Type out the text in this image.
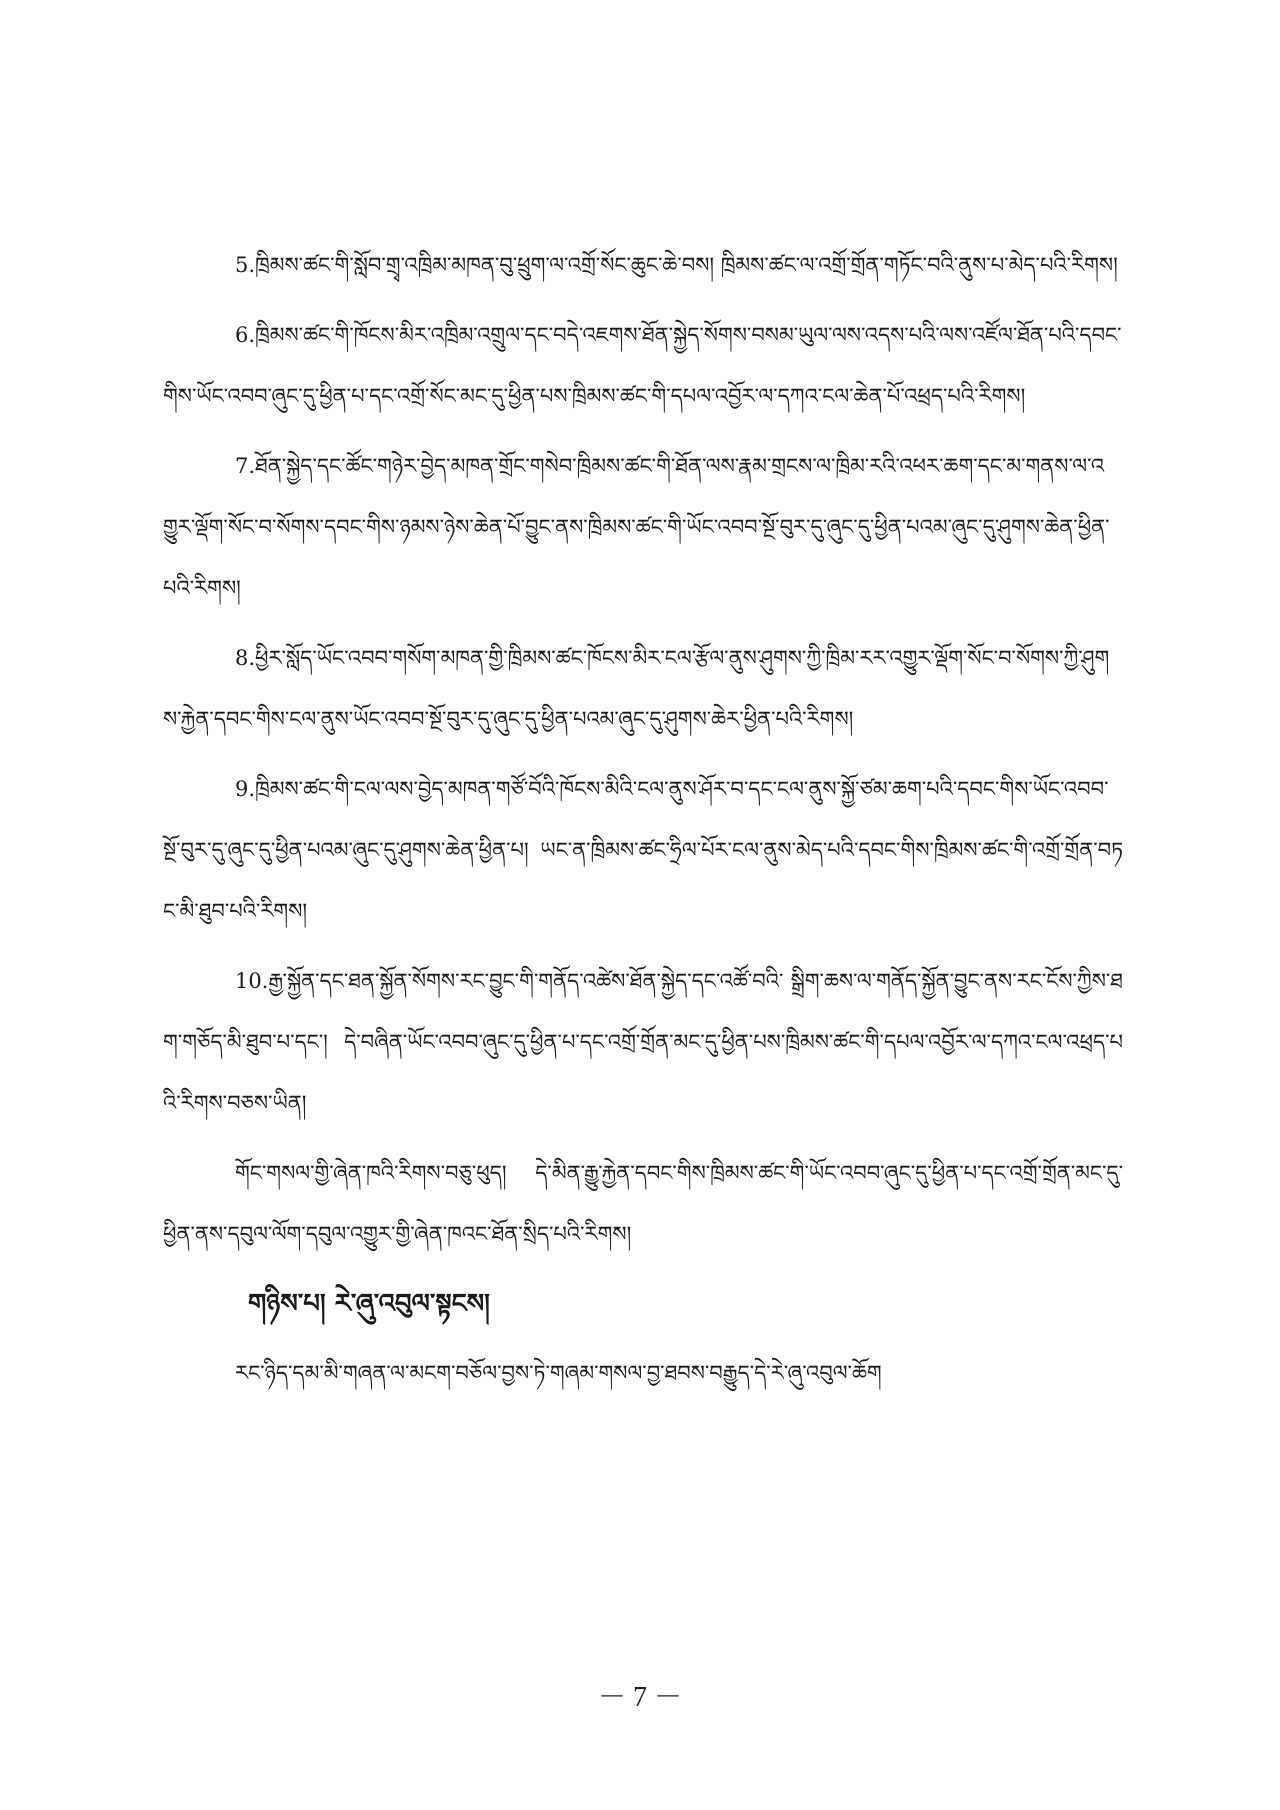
5.ཁྲིམས་ཚང་གི་སློབ་གྲྭ་འཁྲིམ་མཁན་བུ་ཕྲུག་ལ་འགྲོ་སོང་ཆུང་ཆེ་བས། ཁྲིམས་ཚང་ལ་འགྲོ་གྲོན་གཏོང་བའི་ནུས་པ་མེད་པའི་རིགས།

6.ཁྲིམས་ཚང་གི་ཁོངས་མིར་འཁྲིམ་འགྲུལ་དང་བདེ་འཇགས་ཐོན་སྐྱེད་སོགས་བསམ་ཡུལ་ལས་འདས་པའི་ལས་འཛོལ་ཐོན་པའི་དབང་གིས་ཡོང་འབབ་ཞུང་དུ་ཕྱིན་པ་དང་འགྲོ་སོང་མང་དུ་ཕྱིན་པས་ཁྲིམས་ཚང་གི་དཔལ་འབྱོར་ལ་དཀའ་ངལ་ཆེན་པོ་འཕྲད་པའི་རིགས།

7.ཐོན་སྐྱེད་དང་ཚོང་གཉེར་བྱེད་མཁན་གྲོང་གསེབ་ཁྲིམས་ཚང་གི་ཐོན་ལས་རྣམ་གྲངས་ལ་ཁྲིམ་རའི་འཕར་ཆག་དང་མ་གནས་ལ་འགྱུར་ལྡོག་སོང་བ་སོགས་དབང་གིས་ཉམས་ཉེས་ཆེན་པོ་བྱུང་ནས་ཁྲིམས་ཚང་གི་ཡོང་འབབ་སྔོ་བུར་དུ་ཞུང་དུ་ཕྱིན་པའམ་ཞུང་དུ་ཤུགས་ཆེན་ཕྱིན་པའི་རིགས།

8.ཕྱིར་སློད་ཡོང་འབབ་གསོག་མཁན་གྱི་ཁྲིམས་ཚང་ཁོངས་མིར་ངལ་རྩོལ་ནུས་ཤུགས་ཀྱི་ཁྲིམ་རར་འགྱུར་ལྡོག་སོང་བ་སོགས་ཀྱི་ཤུགས་རྐྱེན་དབང་གིས་ངལ་ནུས་ཡོང་འབབ་སྔོ་བུར་དུ་ཞུང་དུ་ཕྱིན་པའམ་ཞུང་དུ་ཤུགས་ཆེར་ཕྱིན་པའི་རིགས།

9.ཁྲིམས་ཚང་གི་ངལ་ལས་བྱེད་མཁན་གཙོ་བོའི་ཁོངས་མིའི་ངལ་ནུས་ཤོར་བ་དང་ངལ་ནུས་སྐྱོ་ཙམ་ཆག་པའི་དབང་གིས་ཡོང་འབབ་སྔོ་བུར་དུ་ཞུང་དུ་ཕྱིན་པའམ་ཞུང་དུ་ཤུགས་ཆེན་ཕྱིན་པ། ཡང་ན་ཁྲིམས་ཚང་ཧྲིལ་པོར་ངལ་ནུས་མེད་པའི་དབང་གིས་ཁྲིམས་ཚང་གི་འགྲོ་གྲོན་བཏང་མི་ཐུབ་པའི་རིགས།

10.རྒྱ་སྐྱོན་དང་ཐན་སྐྱོན་སོགས་རང་བྱུང་གི་གནོད་འཚེས་ཐོན་སྐྱེད་དང་འཚོ་བའི་ སྒྲིག་ཆས་ལ་གནོད་སྐྱོན་བྱུང་ནས་རང་ངོས་ཀྱིས་ཐག་གཅོད་མི་ཐུབ་པ་དང་། དེ་བཞིན་ཡོང་འབབ་ཞུང་དུ་ཕྱིན་པ་དང་འགྲོ་གྲོན་མང་དུ་ཕྱིན་པས་ཁྲིམས་ཚང་གི་དཔལ་འབྱོར་ལ་དཀའ་ངལ་འཕྲད་པའི་རིགས་བཅས་ཡིན།

གོང་གསལ་གྱི་ཞེན་ཁའི་རིགས་བཅུ་ཕུད། དེ་མིན་རྒྱུ་རྐྱེན་དབང་གིས་ཁྲིམས་ཚང་གི་ཡོང་འབབ་ཞུང་དུ་ཕྱིན་པ་དང་འགྲོ་གྲོན་མང་དུ་ཕྱིན་ནས་དབུལ་ལོག་དབུལ་འགྱུར་གྱི་ཞེན་ཁའང་ཐོན་སྲིད་པའི་རིགས།

གཉིས་པ། རེ་ཞུ་འབུལ་སྟངས།

རང་ཉིད་དམ་མི་གཞན་ལ་མངག་བཅོལ་བྱས་ཏེ་གཞམ་གསལ་བྱ་ཐབས་བརྒྱུད་དེ་རེ་ཞུ་འབུལ་ཆོག

－ 7 －
